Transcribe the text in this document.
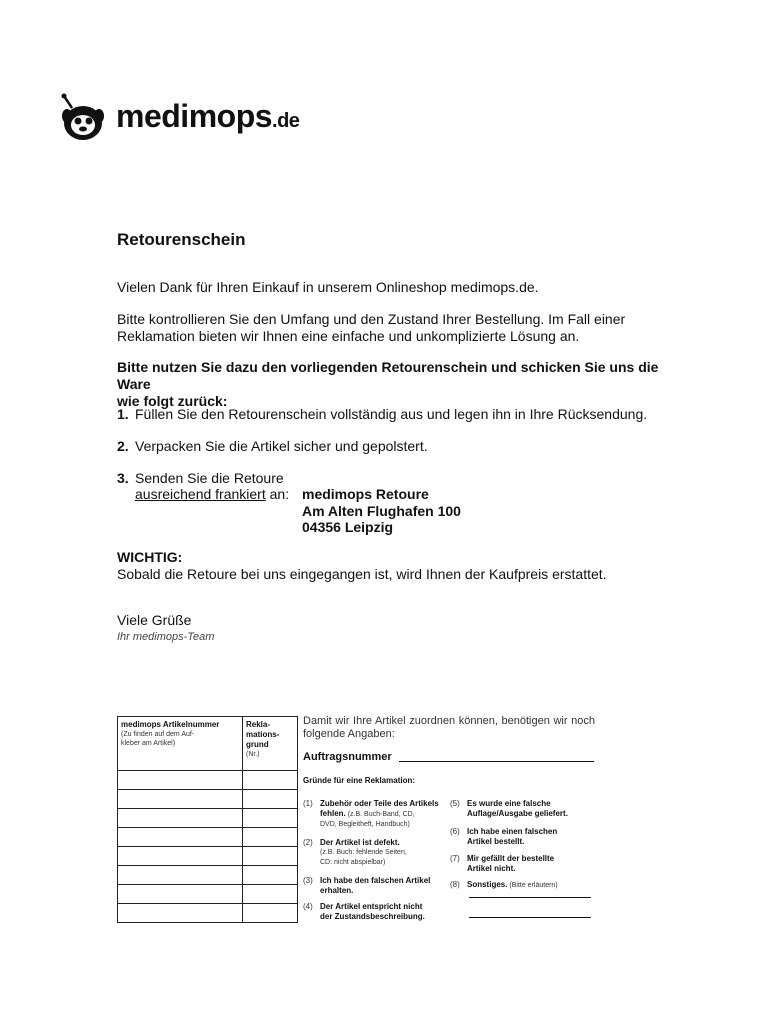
medimops.de
Retourenschein
Vielen Dank für Ihren Einkauf in unserem Onlineshop medimops.de.
Bitte kontrollieren Sie den Umfang und den Zustand Ihrer Bestellung. Im Fall einer
Reklamation bieten wir Ihnen eine einfache und unkomplizierte Lösung an.
Bitte nutzen Sie dazu den vorliegenden Retourenschein und schicken Sie uns die Ware
wie folgt zurück:
1. Füllen Sie den Retourenschein vollständig aus und legen ihn in Ihre Rücksendung.
2. Verpacken Sie die Artikel sicher und gepolstert.
3. Senden Sie die Retoure
ausreichend frankiert an: medimops Retoure
Am Alten Flughafen 100
04356 Leipzig
WICHTIG:
Sobald die Retoure bei uns eingegangen ist, wird Ihnen der Kaufpreis erstattet.
Viele Grüße
Ihr medimops-Team
medimops Artikelnummer
(Zu finden auf dem Auf-
kleber am Artikel)	Rekla-
mations-
grund
(Nr.)

Damit wir Ihre Artikel zuordnen können, benötigen wir noch folgende Angaben:
Auftragsnummer
Gründe für eine Reklamation:
(1) Zubehör oder Teile des Artikels
fehlen. (z.B. Buch-Band, CD,
DVD, Begleitheft, Handbuch)
(2) Der Artikel ist defekt.
(z.B. Buch: fehlende Seiten,
CD: nicht abspielbar)
(3) Ich habe den falschen Artikel
erhalten.
(4) Der Artikel entspricht nicht
der Zustandsbeschreibung.
(5) Es wurde eine falsche
Auflage/Ausgabe geliefert.
(6) Ich habe einen falschen
Artikel bestellt.
(7) Mir gefällt der bestellte
Artikel nicht.
(8) Sonstiges. (Bitte erläutern)
